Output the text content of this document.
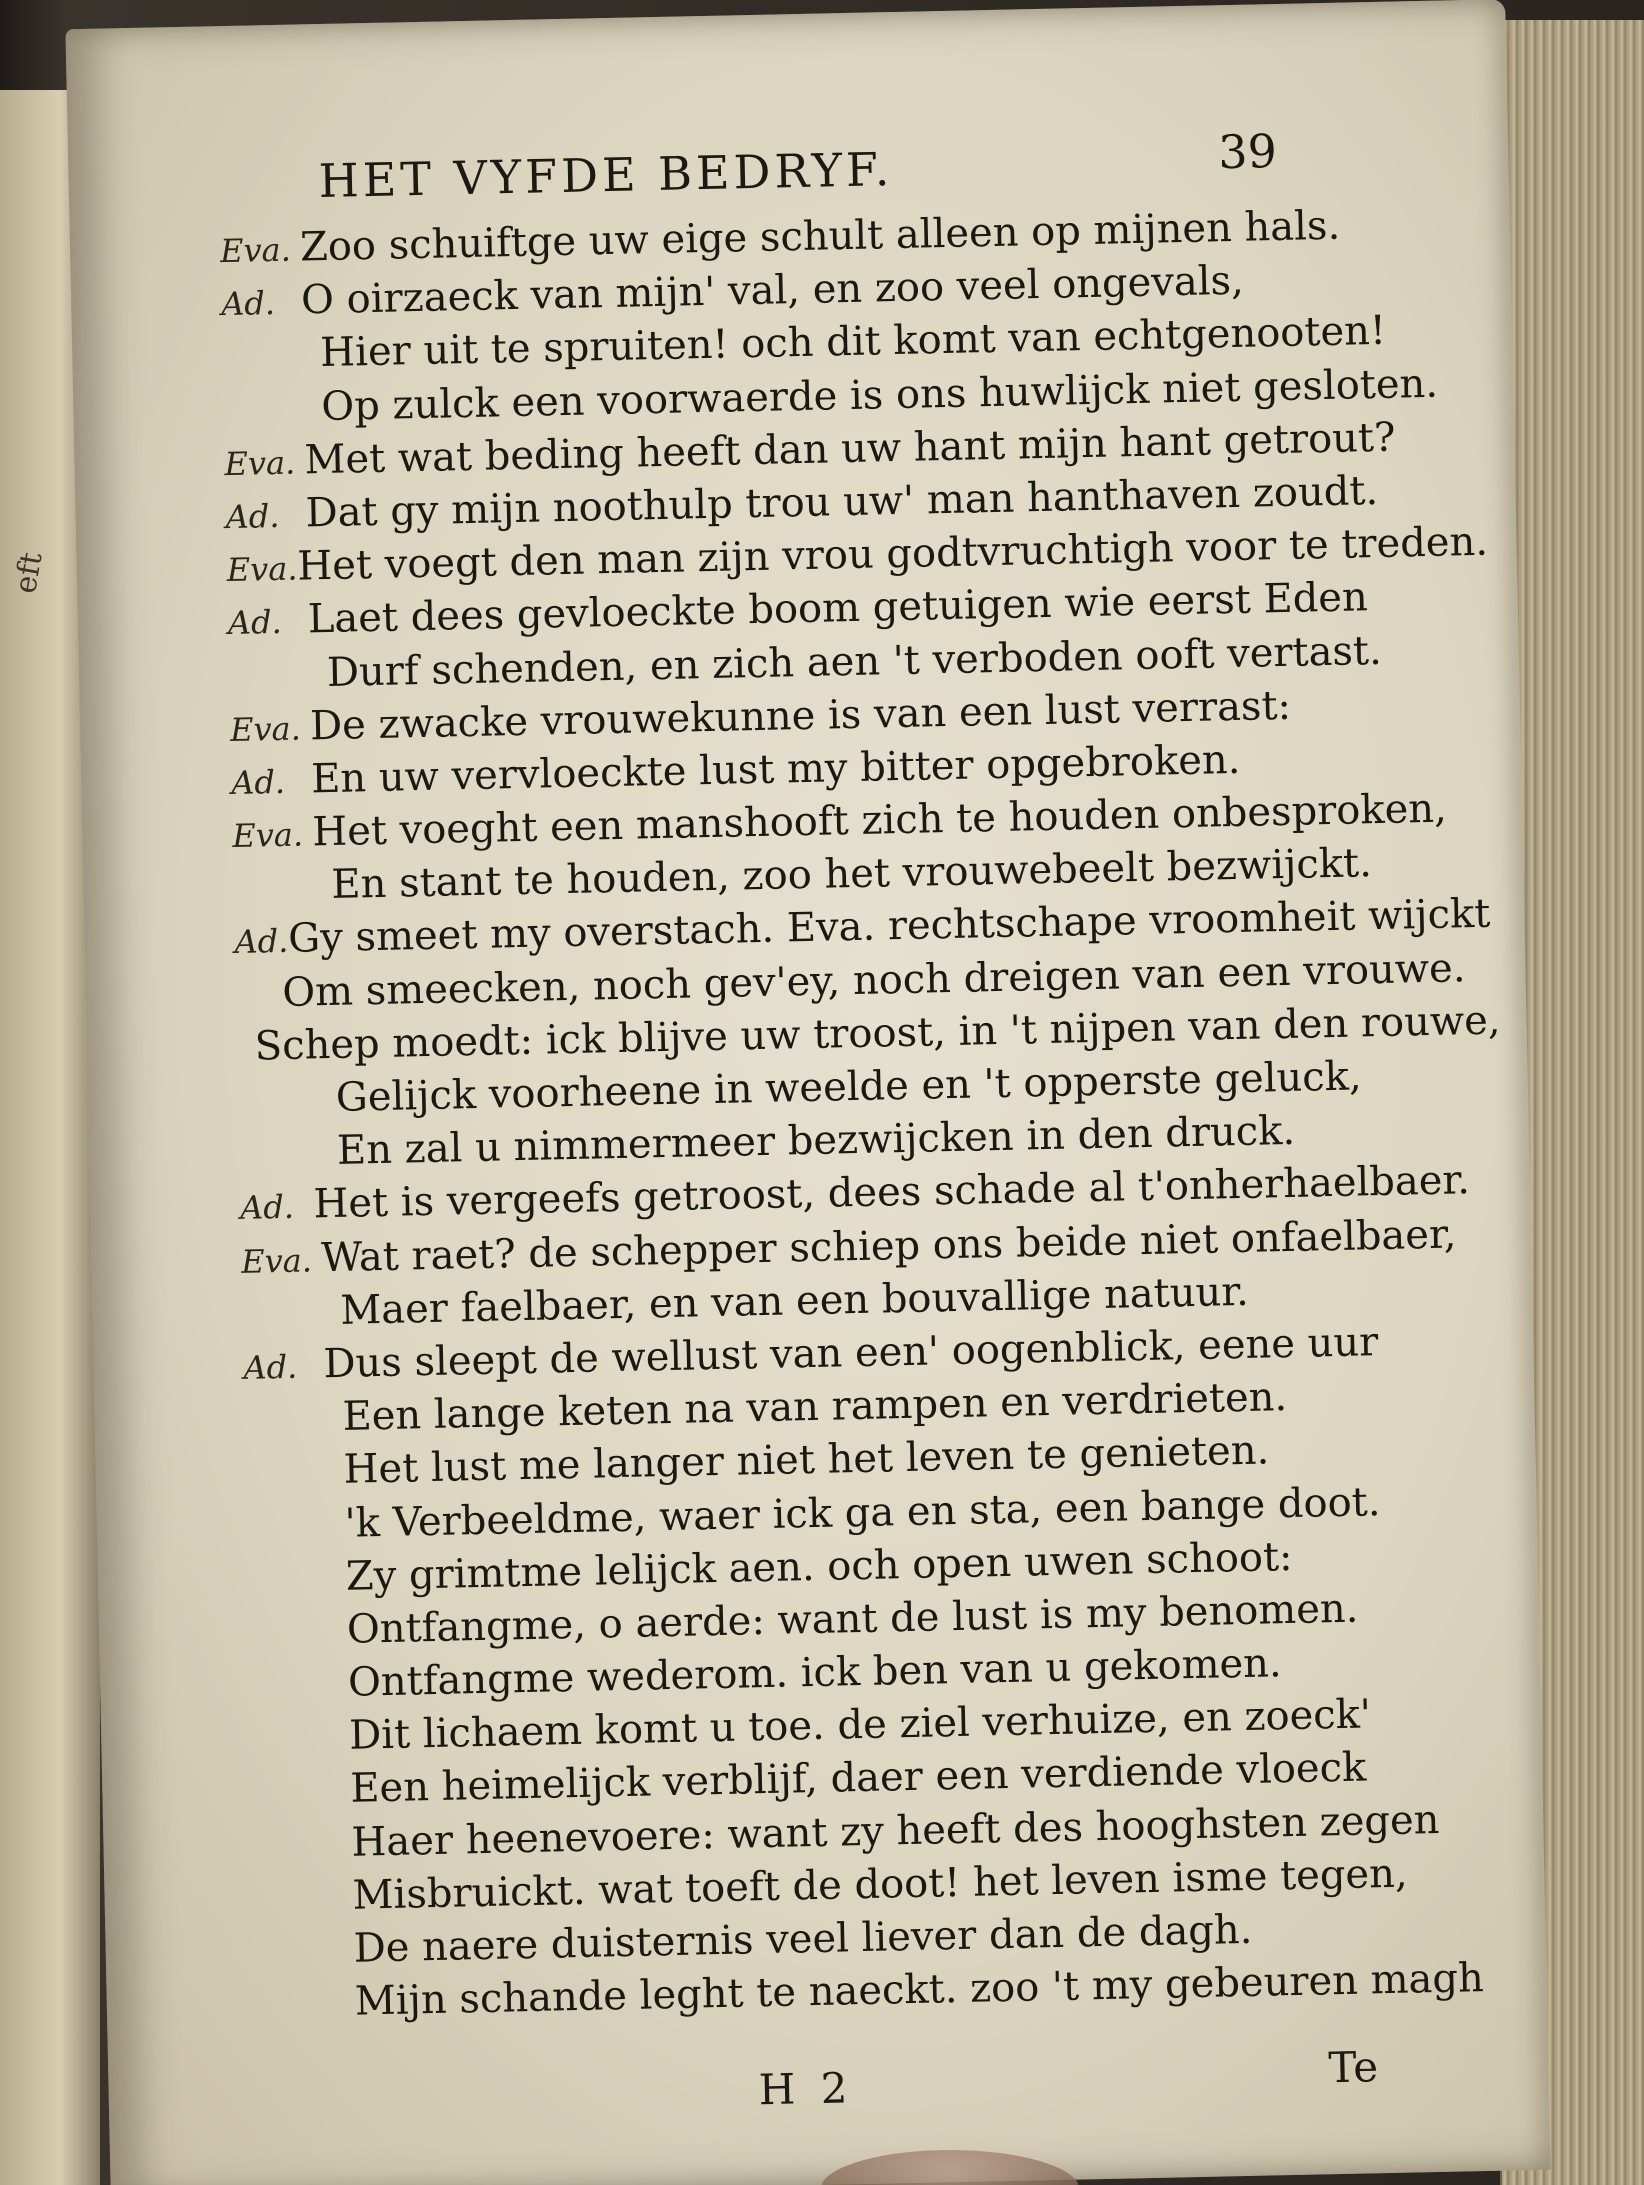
eft
HET VYFDE BEDRYF.	39
Eva. Zoo schuiftge uw eige schult alleen op mijnen hals.
Ad. O oirzaeck van mijn' val, en zoo veel ongevals,
Hier uit te spruiten! och dit komt van echtgenooten!
Op zulck een voorwaerde is ons huwlijck niet gesloten.
Eva. Met wat beding heeft dan uw hant mijn hant getrout?
Ad. Dat gy mijn noothulp trou uw' man hanthaven zoudt.
Eva. Het voegt den man zijn vrou godtvruchtigh voor te treden.
Ad. Laet dees gevloeckte boom getuigen wie eerst Eden
Durf schenden, en zich aen 't verboden ooft vertast.
Eva. De zwacke vrouwekunne is van een lust verrast:
Ad. En uw vervloeckte lust my bitter opgebroken.
Eva. Het voeght een manshooft zich te houden onbesproken,
En stant te houden, zoo het vrouwebeelt bezwijckt.
Ad. Gy smeet my overstach. Eva. rechtschape vroomheit wijckt
Om smeecken, noch gev'ey, noch dreigen van een vrouwe.
Schep moedt: ick blijve uw troost, in 't nijpen van den rouwe,
Gelijck voorheene in weelde en 't opperste geluck,
En zal u nimmermeer bezwijcken in den druck.
Ad. Het is vergeefs getroost, dees schade al t'onherhaelbaer.
Eva. Wat raet? de schepper schiep ons beide niet onfaelbaer,
Maer faelbaer, en van een bouvallige natuur.
Ad. Dus sleept de wellust van een' oogenblick, eene uur
Een lange keten na van rampen en verdrieten.
Het lust me langer niet het leven te genieten.
'k Verbeeldme, waer ick ga en sta, een bange doot.
Zy grimtme lelijck aen. och open uwen schoot:
Ontfangme, o aerde: want de lust is my benomen.
Ontfangme wederom. ick ben van u gekomen.
Dit lichaem komt u toe. de ziel verhuize, en zoeck'
Een heimelijck verblijf, daer een verdiende vloeck
Haer heenevoere: want zy heeft des hooghsten zegen
Misbruickt. wat toeft de doot! het leven isme tegen,
De naere duisternis veel liever dan de dagh.
Mijn schande leght te naeckt. zoo 't my gebeuren magh
H 2	Te
